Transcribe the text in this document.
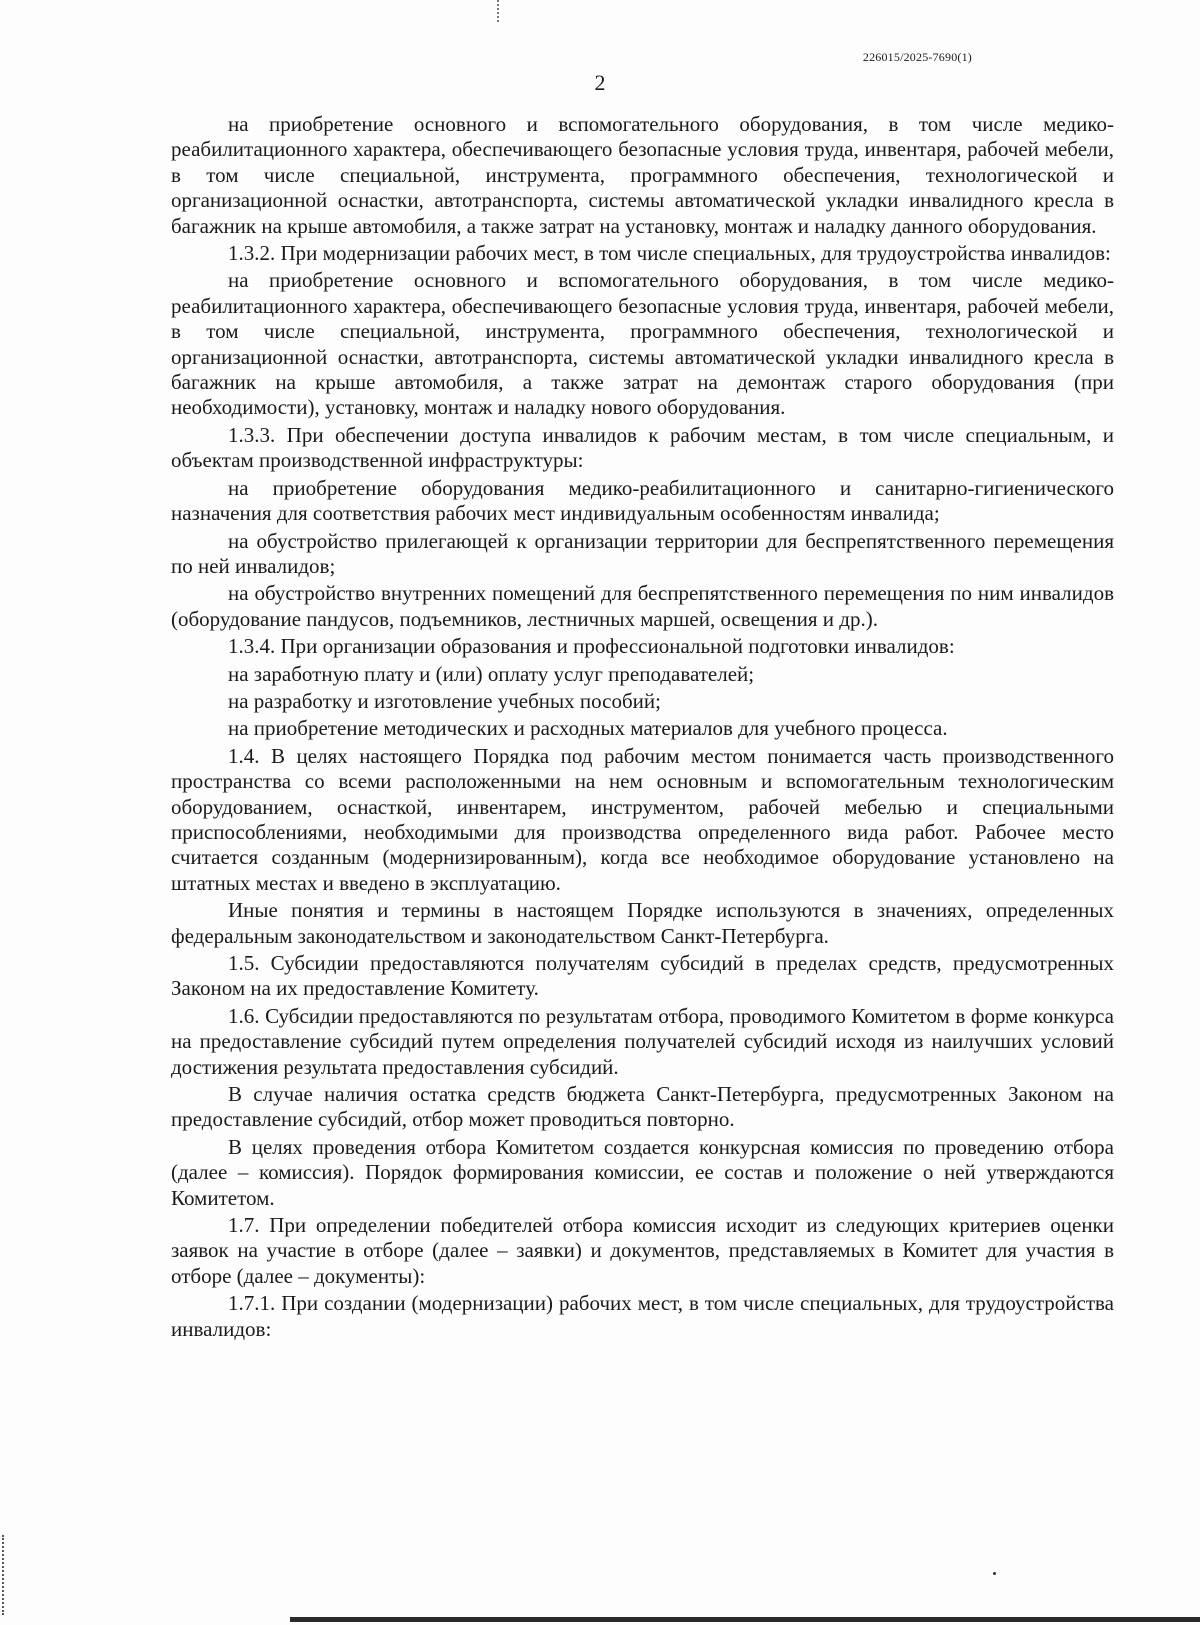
226015/2025-7690(1)
2

на приобретение основного и вспомогательного оборудования, в том числе медико-реабилитационного характера, обеспечивающего безопасные условия труда, инвентаря, рабочей мебели, в том числе специальной, инструмента, программного обеспечения, технологической и организационной оснастки, автотранспорта, системы автоматической укладки инвалидного кресла в багажник на крыше автомобиля, а также затрат на установку, монтаж и наладку данного оборудования.

1.3.2. При модернизации рабочих мест, в том числе специальных, для трудоустройства инвалидов:

на приобретение основного и вспомогательного оборудования, в том числе медико-реабилитационного характера, обеспечивающего безопасные условия труда, инвентаря, рабочей мебели, в том числе специальной, инструмента, программного обеспечения, технологической и организационной оснастки, автотранспорта, системы автоматической укладки инвалидного кресла в багажник на крыше автомобиля, а также затрат на демонтаж старого оборудования (при необходимости), установку, монтаж и наладку нового оборудования.

1.3.3. При обеспечении доступа инвалидов к рабочим местам, в том числе специальным, и объектам производственной инфраструктуры:

на приобретение оборудования медико-реабилитационного и санитарно-гигиенического назначения для соответствия рабочих мест индивидуальным особенностям инвалида;

на обустройство прилегающей к организации территории для беспрепятственного перемещения по ней инвалидов;

на обустройство внутренних помещений для беспрепятственного перемещения по ним инвалидов (оборудование пандусов, подъемников, лестничных маршей, освещения и др.).

1.3.4. При организации образования и профессиональной подготовки инвалидов:

на заработную плату и (или) оплату услуг преподавателей;

на разработку и изготовление учебных пособий;

на приобретение методических и расходных материалов для учебного процесса.

1.4. В целях настоящего Порядка под рабочим местом понимается часть производственного пространства со всеми расположенными на нем основным и вспомогательным технологическим оборудованием, оснасткой, инвентарем, инструментом, рабочей мебелью и специальными приспособлениями, необходимыми для производства определенного вида работ. Рабочее место считается созданным (модернизированным), когда все необходимое оборудование установлено на штатных местах и введено в эксплуатацию.

Иные понятия и термины в настоящем Порядке используются в значениях, определенных федеральным законодательством и законодательством Санкт-Петербурга.

1.5. Субсидии предоставляются получателям субсидий в пределах средств, предусмотренных Законом на их предоставление Комитету.

1.6. Субсидии предоставляются по результатам отбора, проводимого Комитетом в форме конкурса на предоставление субсидий путем определения получателей субсидий исходя из наилучших условий достижения результата предоставления субсидий.

В случае наличия остатка средств бюджета Санкт-Петербурга, предусмотренных Законом на предоставление субсидий, отбор может проводиться повторно.

В целях проведения отбора Комитетом создается конкурсная комиссия по проведению отбора (далее – комиссия). Порядок формирования комиссии, ее состав и положение о ней утверждаются Комитетом.

1.7. При определении победителей отбора комиссия исходит из следующих критериев оценки заявок на участие в отборе (далее – заявки) и документов, представляемых в Комитет для участия в отборе (далее – документы):

1.7.1. При создании (модернизации) рабочих мест, в том числе специальных, для трудоустройства инвалидов:
